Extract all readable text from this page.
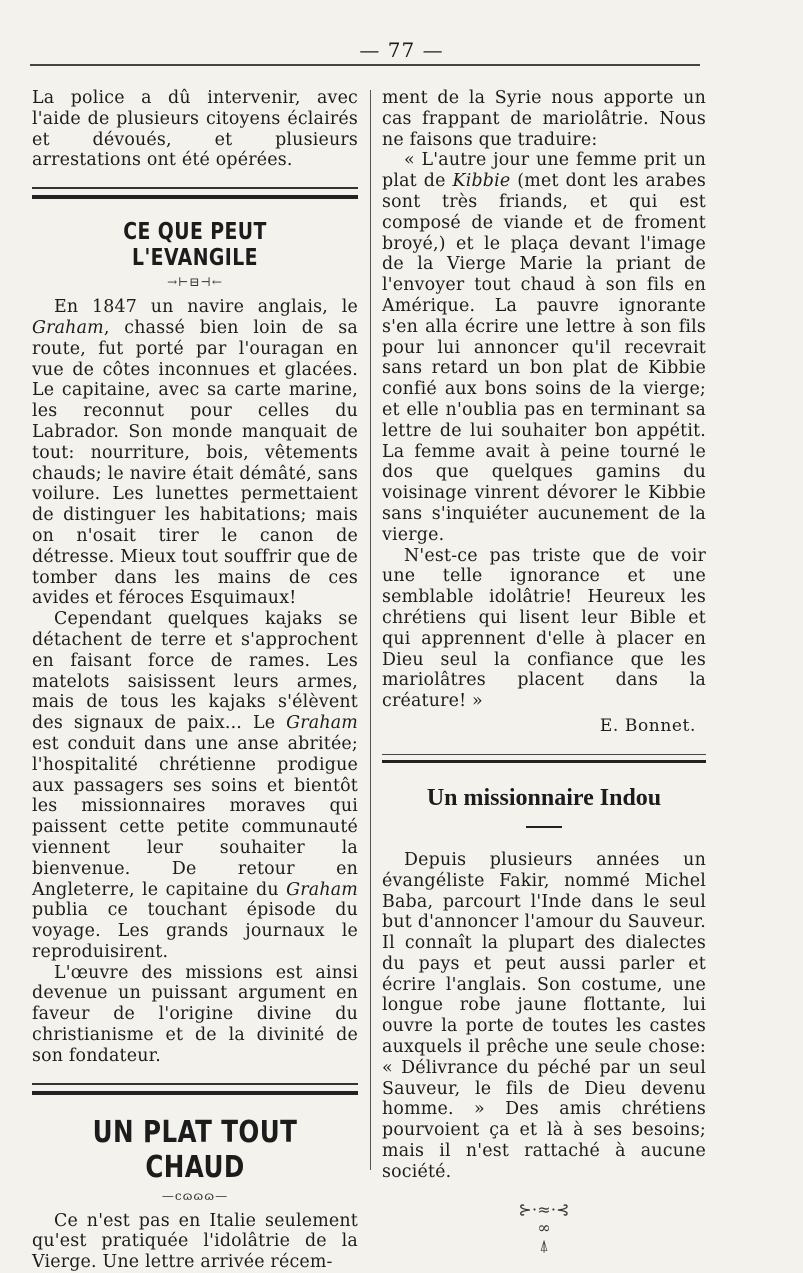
— 77 —

La police a dû intervenir, avec l'aide de plusieurs citoyens éclairés et dévoués, et plusieurs arrestations ont été opérées.

CE QUE PEUT L'EVANGILE
→⊢⊟⊣←

En 1847 un navire anglais, le Graham, chassé bien loin de sa route, fut porté par l'ouragan en vue de côtes inconnues et glacées. Le capitaine, avec sa carte marine, les reconnut pour celles du Labrador. Son monde manquait de tout: nourriture, bois, vêtements chauds; le navire était démâté, sans voilure. Les lunettes permettaient de distinguer les habitations; mais on n'osait tirer le canon de détresse. Mieux tout souffrir que de tomber dans les mains de ces avides et féroces Esquimaux!

Cependant quelques kajaks se détachent de terre et s'approchent en faisant force de rames. Les matelots saisissent leurs armes, mais de tous les kajaks s'élèvent des signaux de paix... Le Graham est conduit dans une anse abritée; l'hospitalité chrétienne prodigue aux passagers ses soins et bientôt les missionnaires moraves qui paissent cette petite communauté viennent leur souhaiter la bienvenue. De retour en Angleterre, le capitaine du Graham publia ce touchant épisode du voyage. Les grands journaux le reproduisirent.

L'œuvre des missions est ainsi devenue un puissant argument en faveur de l'origine divine du christianisme et de la divinité de son fondateur.

UN PLAT TOUT CHAUD
—cɷɷɷ—

Ce n'est pas en Italie seulement qu'est pratiquée l'idolâtrie de la Vierge. Une lettre arrivée récem-

ment de la Syrie nous apporte un cas frappant de mariolâtrie. Nous ne faisons que traduire:

« L'autre jour une femme prit un plat de Kibbie (met dont les arabes sont très friands, et qui est composé de viande et de froment broyé,) et le plaça devant l'image de la Vierge Marie la priant de l'envoyer tout chaud à son fils en Amérique. La pauvre ignorante s'en alla écrire une lettre à son fils pour lui annoncer qu'il recevrait sans retard un bon plat de Kibbie confié aux bons soins de la vierge; et elle n'oublia pas en terminant sa lettre de lui souhaiter bon appétit. La femme avait à peine tourné le dos que quelques gamins du voisinage vinrent dévorer le Kibbie sans s'inquiéter aucunement de la vierge.

N'est-ce pas triste que de voir une telle ignorance et une semblable idolâtrie! Heureux les chrétiens qui lisent leur Bible et qui apprennent d'elle à placer en Dieu seul la confiance que les mariolâtres placent dans la créature! »

E. Bonnet.
Un missionnaire Indou

Depuis plusieurs années un évangéliste Fakir, nommé Michel Baba, parcourt l'Inde dans le seul but d'annoncer l'amour du Sauveur. Il connaît la plupart des dialectes du pays et peut aussi parler et écrire l'anglais. Son costume, une longue robe jaune flottante, lui ouvre la porte de toutes les castes auxquels il prêche une seule chose: « Délivrance du péché par un seul Sauveur, le fils de Dieu devenu homme. » Des amis chrétiens pourvoient ça et là à ses besoins; mais il n'est rattaché à aucune société.

⊱⋅≈⋅⊰
∞
⍋
